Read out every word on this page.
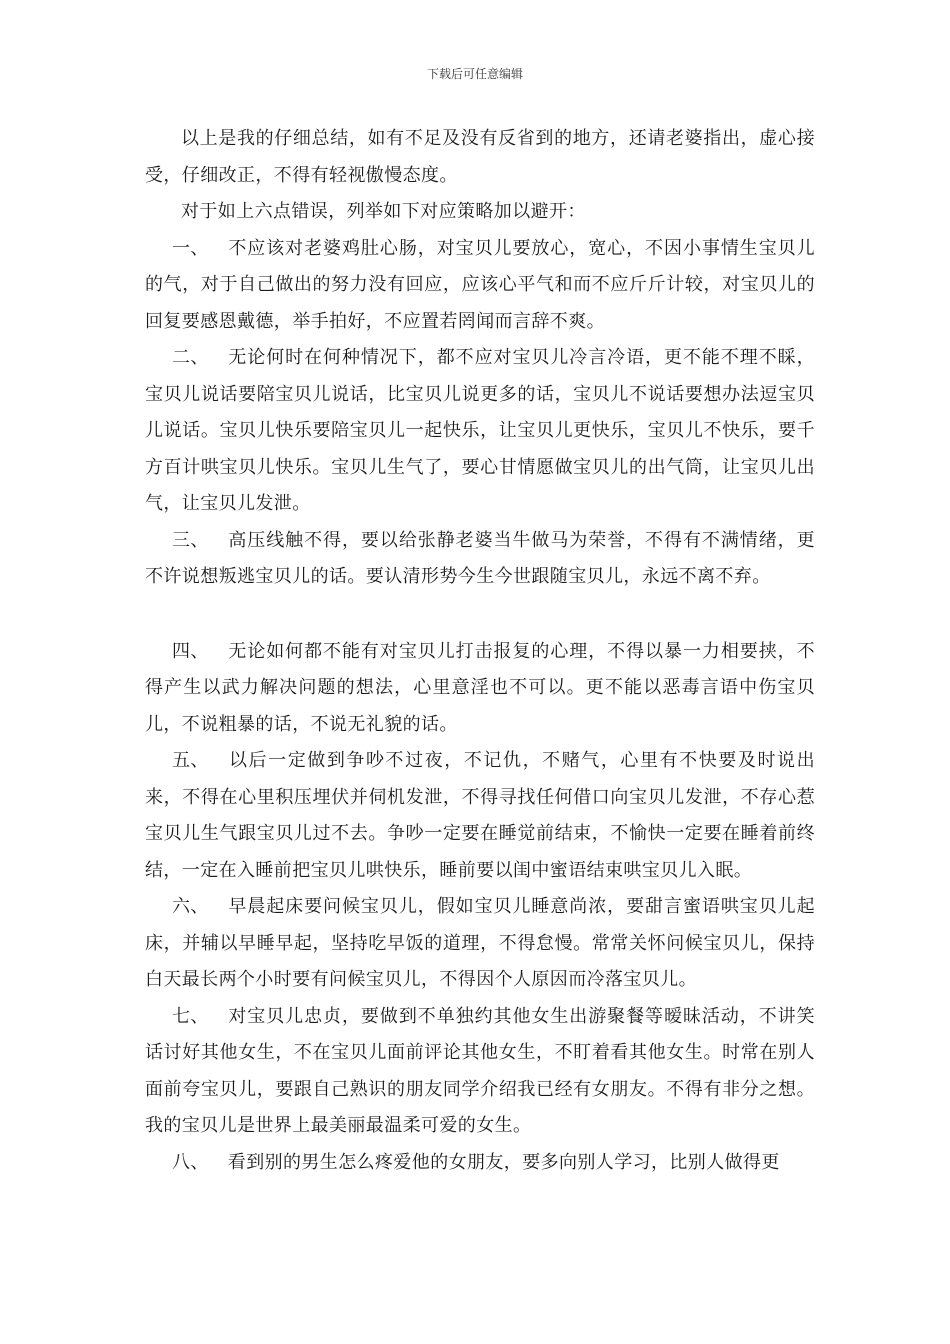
下载后可任意编辑

以上是我的仔细总结，如有不足及没有反省到的地方，还请老婆指出，虚心接受，仔细改正，不得有轻视傲慢态度。

对于如上六点错误，列举如下对应策略加以避开：

一、 不应该对老婆鸡肚心肠，对宝贝儿要放心，宽心，不因小事情生宝贝儿的气，对于自己做出的努力没有回应，应该心平气和而不应斤斤计较，对宝贝儿的回复要感恩戴德，举手拍好，不应置若罔闻而言辞不爽。

二、 无论何时在何种情况下，都不应对宝贝儿冷言冷语，更不能不理不睬，宝贝儿说话要陪宝贝儿说话，比宝贝儿说更多的话，宝贝儿不说话要想办法逗宝贝儿说话。宝贝儿快乐要陪宝贝儿一起快乐，让宝贝儿更快乐，宝贝儿不快乐，要千方百计哄宝贝儿快乐。宝贝儿生气了，要心甘情愿做宝贝儿的出气筒，让宝贝儿出气，让宝贝儿发泄。

三、 高压线触不得，要以给张静老婆当牛做马为荣誉，不得有不满情绪，更不许说想叛逃宝贝儿的话。要认清形势今生今世跟随宝贝儿，永远不离不弃。

四、 无论如何都不能有对宝贝儿打击报复的心理，不得以暴一力相要挟，不得产生以武力解决问题的想法，心里意淫也不可以。更不能以恶毒言语中伤宝贝儿，不说粗暴的话，不说无礼貌的话。

五、 以后一定做到争吵不过夜，不记仇，不赌气，心里有不快要及时说出来，不得在心里积压埋伏并伺机发泄，不得寻找任何借口向宝贝儿发泄，不存心惹宝贝儿生气跟宝贝儿过不去。争吵一定要在睡觉前结束，不愉快一定要在睡着前终结，一定在入睡前把宝贝儿哄快乐，睡前要以闺中蜜语结束哄宝贝儿入眠。

六、 早晨起床要问候宝贝儿，假如宝贝儿睡意尚浓，要甜言蜜语哄宝贝儿起床，并辅以早睡早起，坚持吃早饭的道理，不得怠慢。常常关怀问候宝贝儿，保持白天最长两个小时要有问候宝贝儿，不得因个人原因而冷落宝贝儿。

七、 对宝贝儿忠贞，要做到不单独约其他女生出游聚餐等暧昧活动，不讲笑话讨好其他女生，不在宝贝儿面前评论其他女生，不盯着看其他女生。时常在别人面前夸宝贝儿，要跟自己熟识的朋友同学介绍我已经有女朋友。不得有非分之想。我的宝贝儿是世界上最美丽最温柔可爱的女生。

八、 看到别的男生怎么疼爱他的女朋友，要多向别人学习，比别人做得更
